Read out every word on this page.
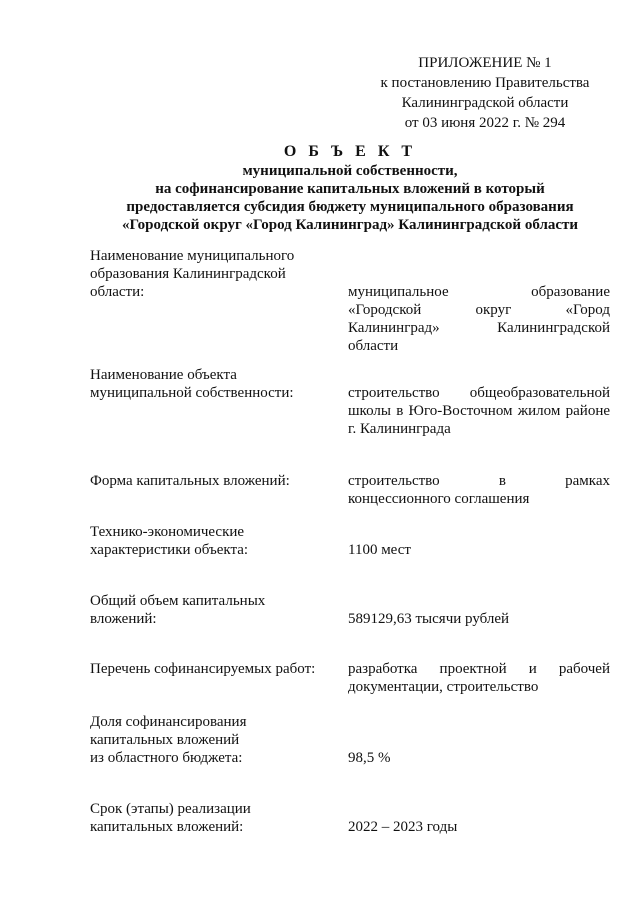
ПРИЛОЖЕНИЕ № 1
к постановлению Правительства
Калининградской области
от 03 июня 2022 г. № 294
О Б Ъ Е К Т
муниципальной собственности,
на софинансирование капитальных вложений в который
предоставляется субсидия бюджету муниципального образования
«Городской округ «Город Калининград» Калининградской области
Наименование муниципального
образования Калининградской
области:	муниципальное образование
«Городской округ «Город
Калининград» Калининградской
области
Наименование объекта
муниципальной собственности:	строительство общеобразовательной
школы в Юго-Восточном жилом районе
г. Калининграда
Форма капитальных вложений:	строительство в рамках
концессионного соглашения
Технико-экономические
характеристики объекта:	1100 мест
Общий объем капитальных
вложений:	589129,63 тысячи рублей
Перечень софинансируемых работ:	разработка проектной и рабочей
документации, строительство
Доля софинансирования
капитальных вложений
из областного бюджета:	98,5 %
Срок (этапы) реализации
капитальных вложений:	2022 – 2023 годы
